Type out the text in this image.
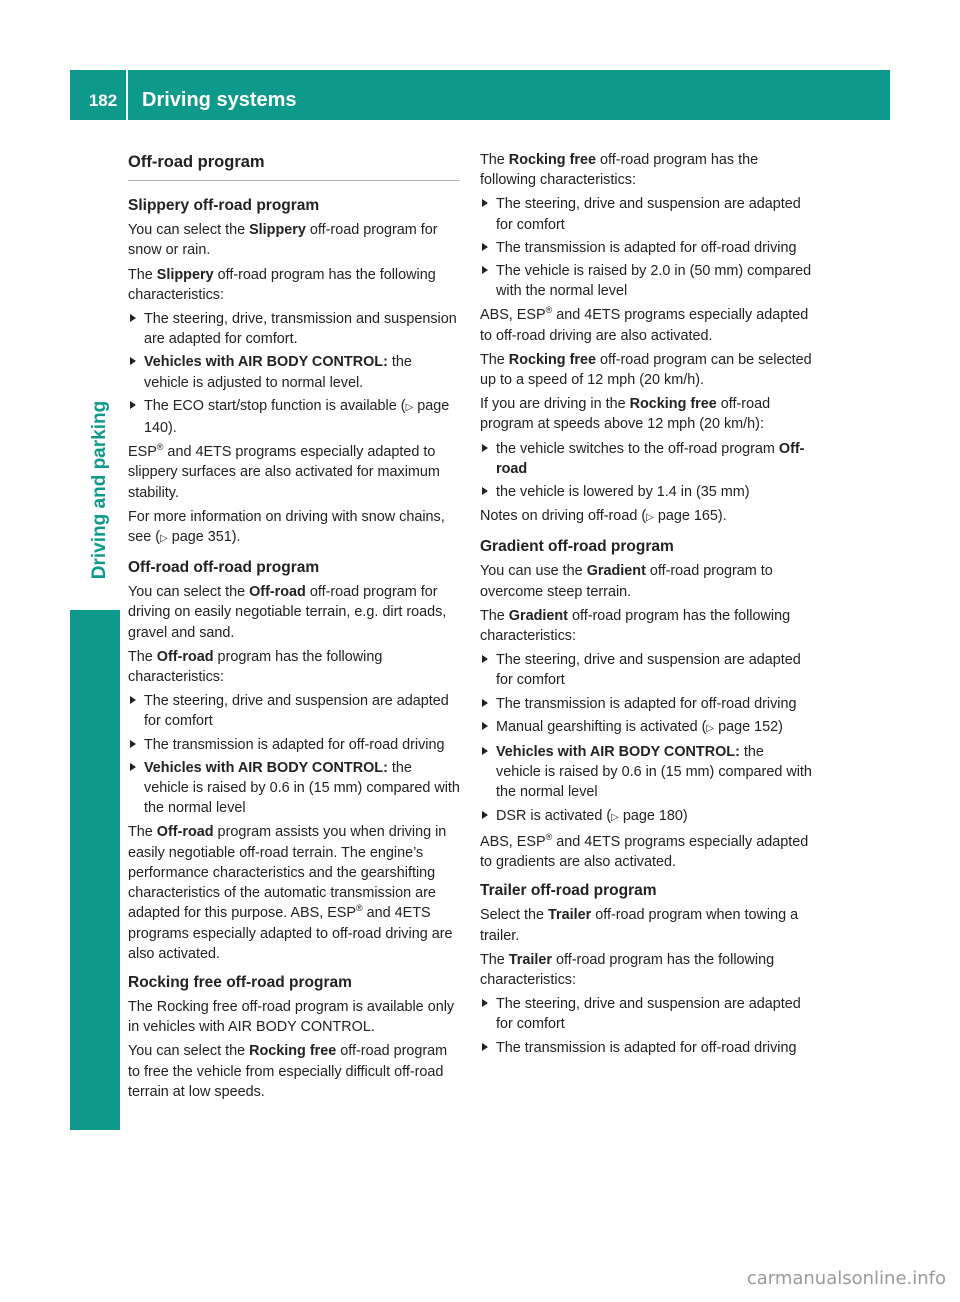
182	Driving systems
Driving and parking
Off-road program
Slippery off-road program

You can select the Slippery off-road program for snow or rain.

The Slippery off-road program has the following characteristics:

The steering, drive, transmission and suspension are adapted for comfort.
Vehicles with AIR BODY CONTROL: the vehicle is adjusted to normal level.
The ECO start/stop function is available (▷ page 140).

ESP® and 4ETS programs especially adapted to slippery surfaces are also activated for maximum stability.

For more information on driving with snow chains, see (▷ page 351).

Off-road off-road program

You can select the Off-road off-road program for driving on easily negotiable terrain, e.g. dirt roads, gravel and sand.

The Off-road program has the following characteristics:

The steering, drive and suspension are adapted for comfort
The transmission is adapted for off-road driving
Vehicles with AIR BODY CONTROL: the vehicle is raised by 0.6 in (15 mm) compared with the normal level

The Off-road program assists you when driving in easily negotiable off-road terrain. The engine’s performance characteristics and the gearshifting characteristics of the automatic transmission are adapted for this purpose. ABS, ESP® and 4ETS programs especially adapted to off-road driving are also activated.

Rocking free off-road program

The Rocking free off-road program is available only in vehicles with AIR BODY CONTROL.

You can select the Rocking free off-road program to free the vehicle from especially difficult off-road terrain at low speeds.

The Rocking free off-road program has the following characteristics:

The steering, drive and suspension are adapted for comfort
The transmission is adapted for off-road driving
The vehicle is raised by 2.0 in (50 mm) compared with the normal level

ABS, ESP® and 4ETS programs especially adapted to off-road driving are also activated.

The Rocking free off-road program can be selected up to a speed of 12 mph (20 km/h).

If you are driving in the Rocking free off-road program at speeds above 12 mph (20 km/h):

the vehicle switches to the off-road program Off-road
the vehicle is lowered by 1.4 in (35 mm)

Notes on driving off-road (▷ page 165).

Gradient off-road program

You can use the Gradient off-road program to overcome steep terrain.

The Gradient off-road program has the following characteristics:

The steering, drive and suspension are adapted for comfort
The transmission is adapted for off-road driving
Manual gearshifting is activated (▷ page 152)
Vehicles with AIR BODY CONTROL: the vehicle is raised by 0.6 in (15 mm) compared with the normal level
DSR is activated (▷ page 180)

ABS, ESP® and 4ETS programs especially adapted to gradients are also activated.

Trailer off-road program

Select the Trailer off-road program when towing a trailer.

The Trailer off-road program has the following characteristics:

The steering, drive and suspension are adapted for comfort
The transmission is adapted for off-road driving
carmanualsonline.info
